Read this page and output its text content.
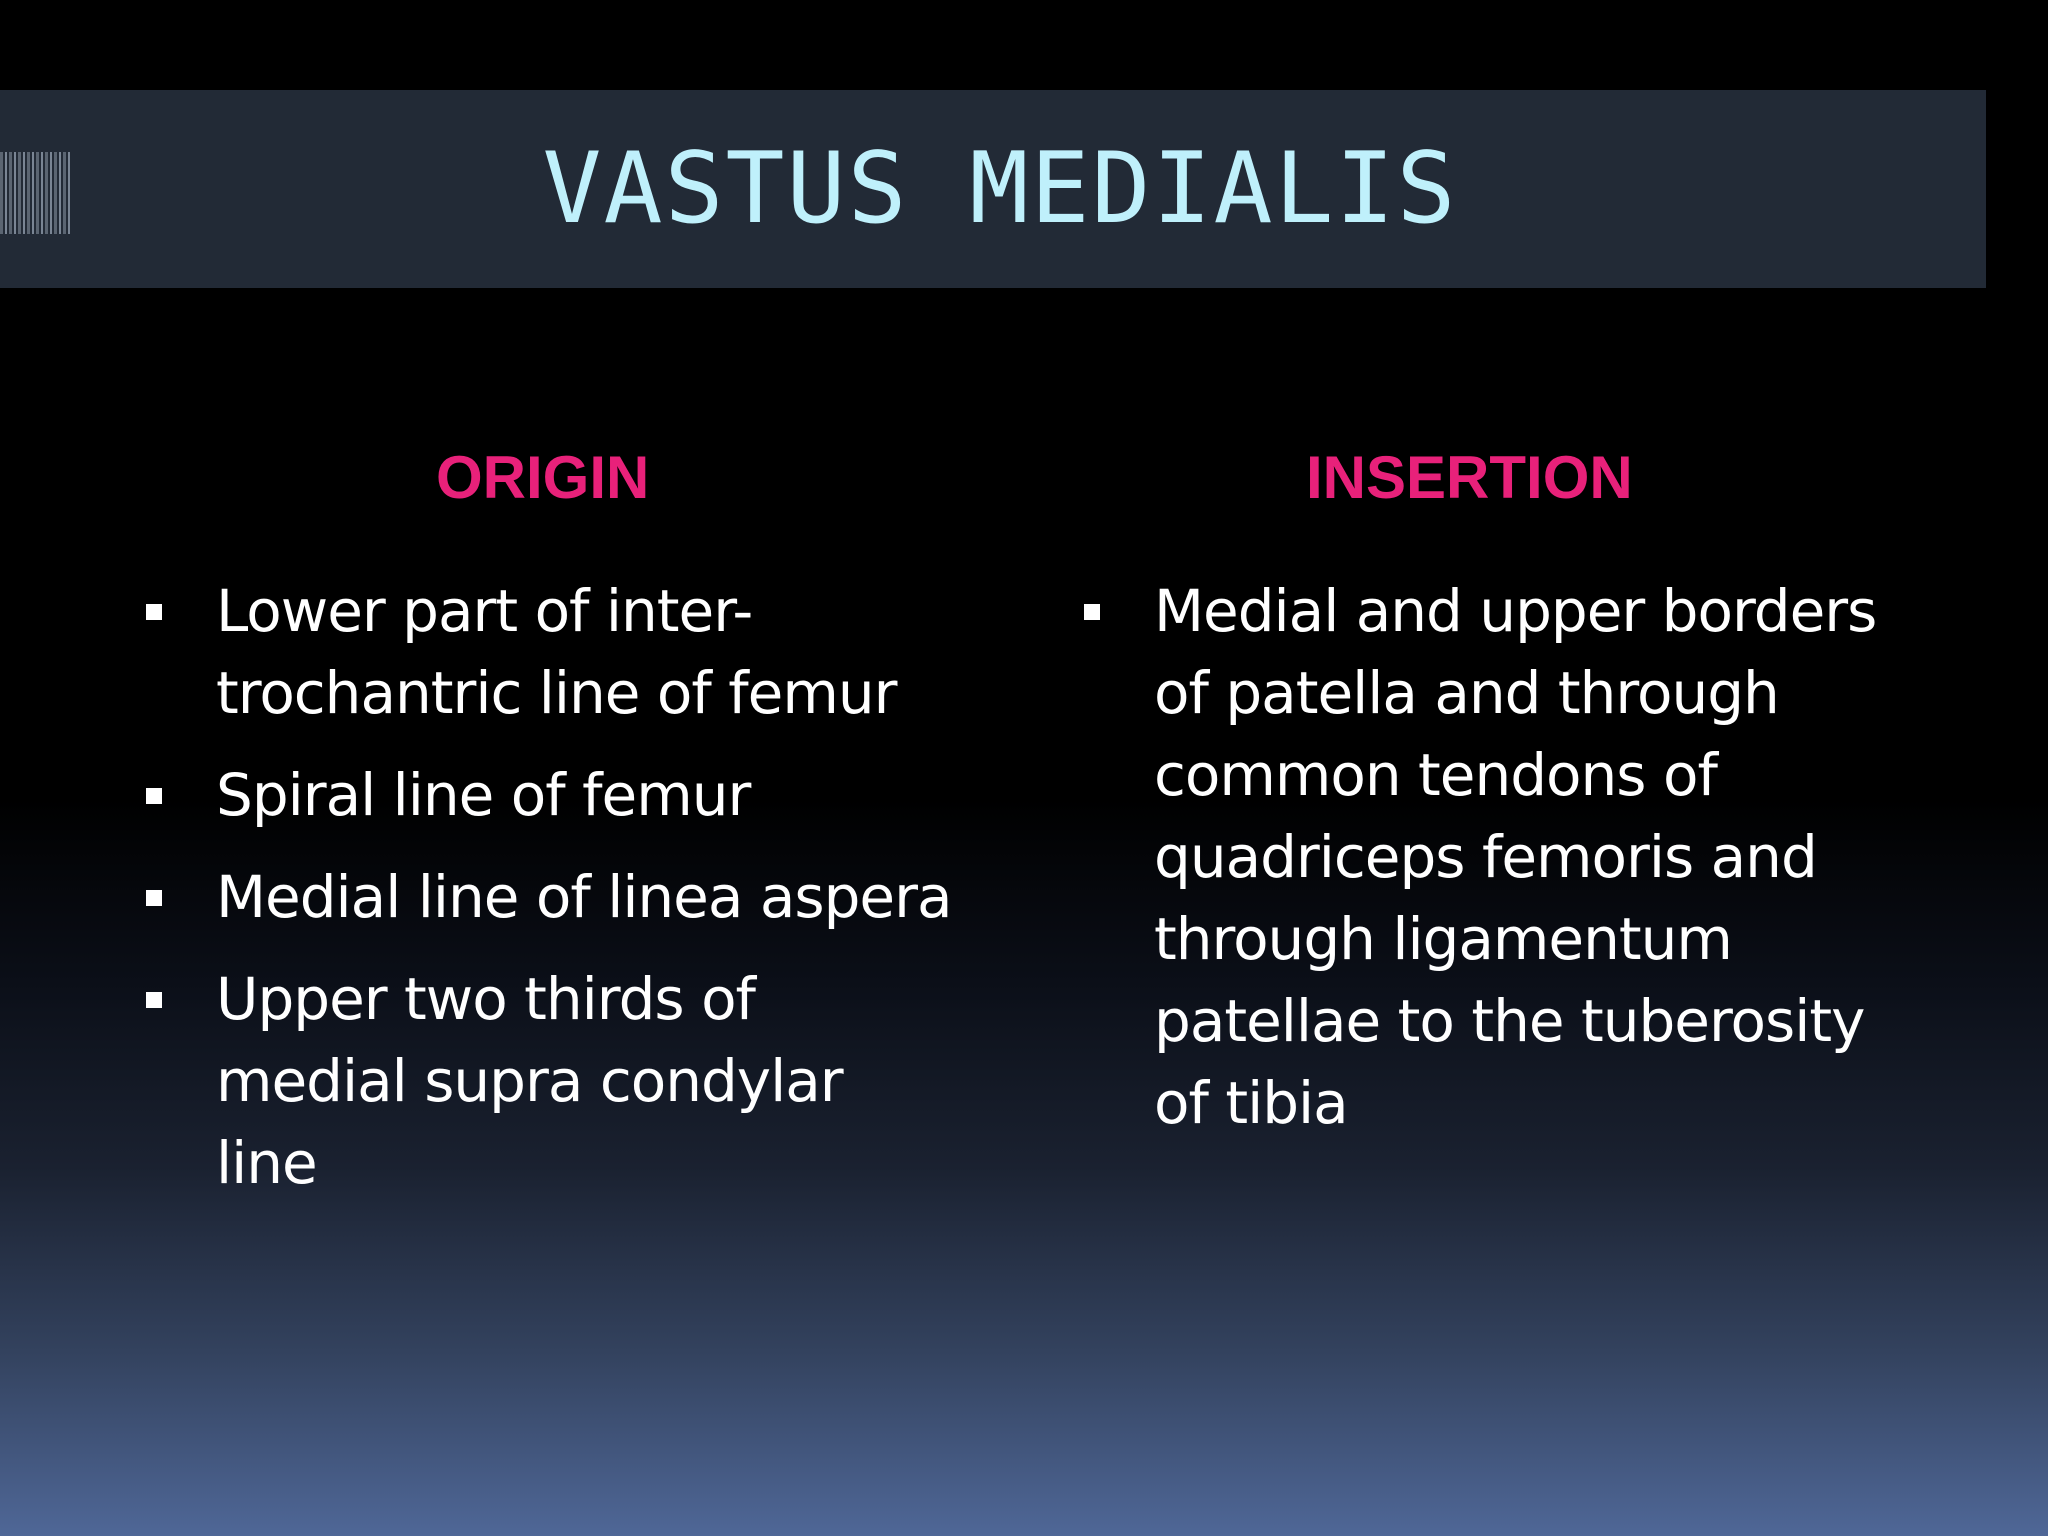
VASTUS MEDIALIS
ORIGIN
Lower part of inter-trochantric line of femur
Spiral line of femur
Medial line of linea aspera
Upper two thirds of medial supra condylar line
INSERTION
Medial and upper borders of patella and through common tendons of quadriceps femoris and through ligamentum patellae to the tuberosity of tibia
